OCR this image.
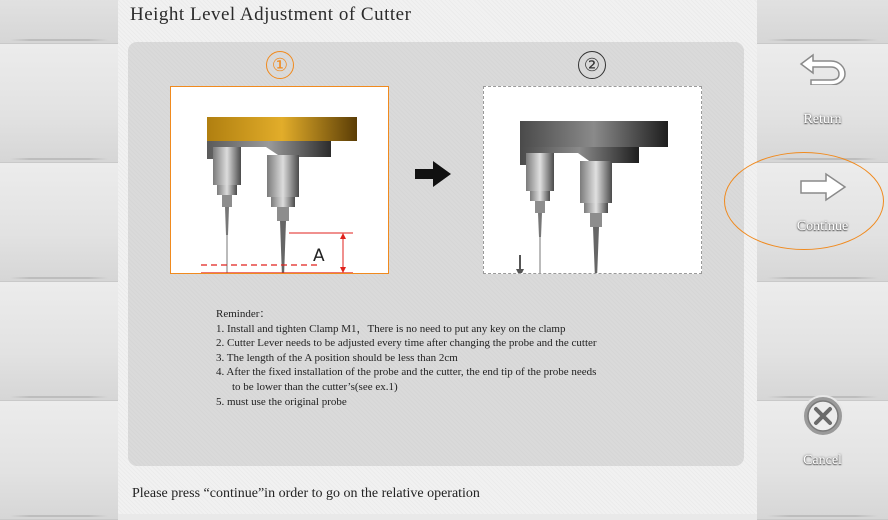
Height Level Adjustment of Cutter
①	②
A
Reminder：
1. Install and tighten Clamp M1，There is no need to put any key on the clamp
2. Cutter Lever needs to be adjusted every time after changing the probe and the cutter
3. The length of the A position should be less than 2cm
4. After the fixed installation of the probe and the cutter, the end tip of the probe needs
to be lower than the cutter’s(see ex.1)
5. must use the original probe
Please press “continue”in order to go on the relative operation
Return
Continue
Cancel
